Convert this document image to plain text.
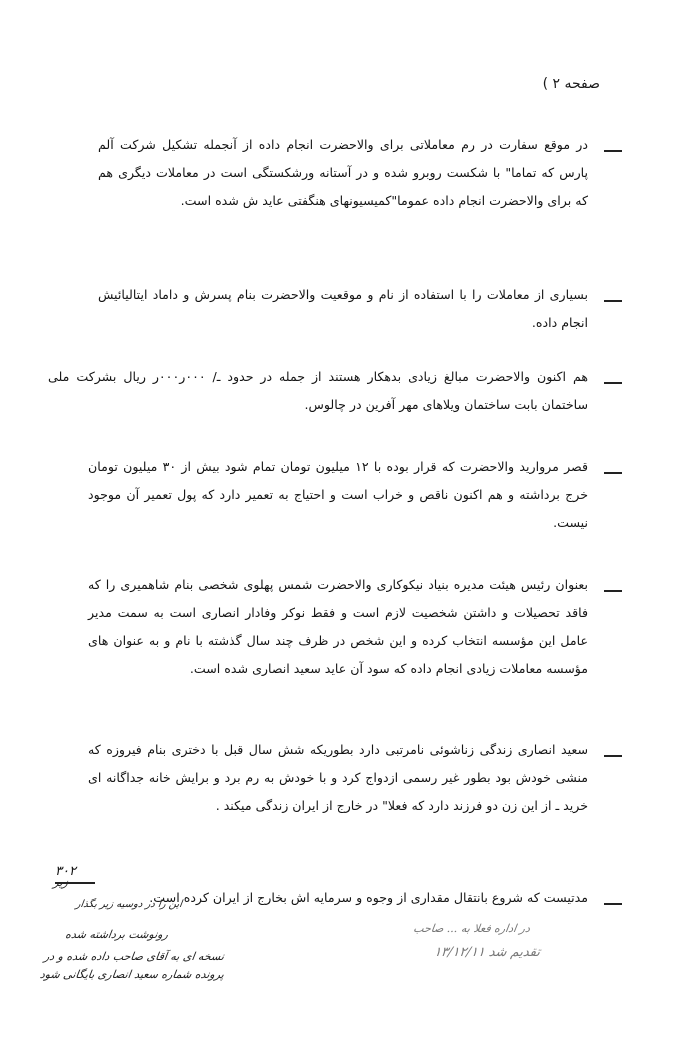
صفحه ۲ )
در موقع سفارت در رم معاملاتی برای والاحضرت انجام داده از آنجمله تشکیل شرکت آلم پارس که تماما" با شکست روبرو شده و در آستانه ورشکستگی است در معاملات دیگری هم که برای والاحضرت انجام داده عموما"کمیسیونهای هنگفتی عاید ش شده است.
بسیاری از معاملات را با استفاده از نام و موقعیت والاحضرت بنام پسرش و داماد ایتالیائیش انجام داده.
هم اکنون والاحضرت مبالغ زیادی بدهکار هستند از جمله در حدود ـ/ ۰۰۰ر۰۰۰ر ریال بشرکت ملی ساختمان بابت ساختمان ویلاهای مهر آفرین در چالوس.
قصر مروارید والاحضرت که قرار بوده با ۱۲ میلیون تومان تمام شود بیش از ۳۰ میلیون تومان خرج برداشته و هم اکنون ناقص و خراب است و احتیاج به تعمیر دارد که پول تعمیر آن موجود نیست.
بعنوان رئیس هیئت مدیره بنیاد نیکوکاری والاحضرت شمس پهلوی شخصی بنام شاهمیری را که فاقد تحصیلات و داشتن شخصیت لازم است و فقط نوکر وفادار انصاری است به سمت مدیر عامل این مؤسسه انتخاب کرده و این شخص در ظرف چند سال گذشته با نام و به عنوان های مؤسسه معاملات زیادی انجام داده که سود آن عاید سعید انصاری شده است.
سعید انصاری زندگی زناشوئی نامرتبی دارد بطوریکه شش سال قبل با دختری بنام فیروزه که منشی خودش بود بطور غیر رسمی ازدواج کرد و با خودش به رم برد و برایش خانه جداگانه ای خرید ـ از این زن دو فرزند دارد که فعلا" در خارج از ایران زندگی میکند .
مدتیست که شروع بانتقال مقداری از وجوه و سرمایه اش بخارج از ایران کرده است.
۳۰۲
زیر
این را در دوسیه زیر بگذار
رونوشت برداشته شده
نسخه ای به آقای صاحب داده شده و در
پرونده شماره سعید انصاری بایگانی شود
در اداره فعلا به ... صاحب
تقدیم شد ۱۳/۱۲/۱۱
